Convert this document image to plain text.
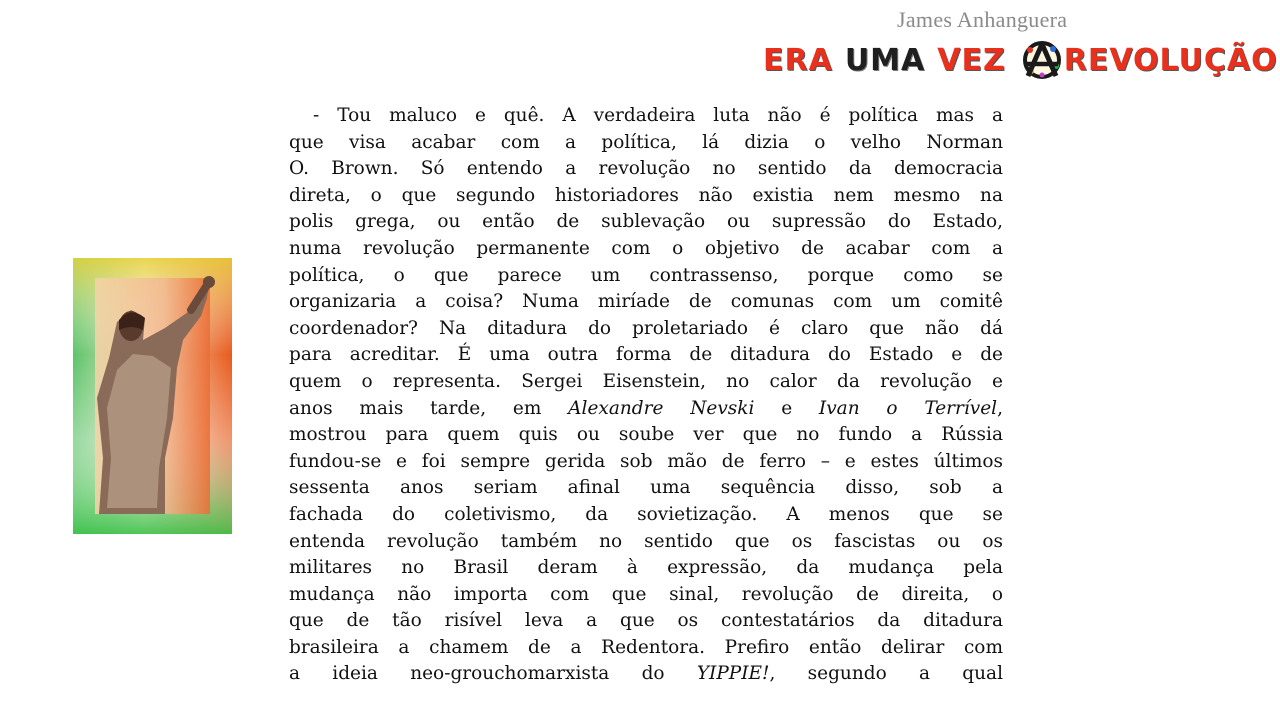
James Anhanguera
ERA UMA VEZ REVOLUÇÃO
- Tou maluco e quê. A verdadeira luta não é política mas a
que visa acabar com a política, lá dizia o velho Norman
O. Brown. Só entendo a revolução no sentido da democracia
direta, o que segundo historiadores não existia nem mesmo na
polis grega, ou então de sublevação ou supressão do Estado,
numa revolução permanente com o objetivo de acabar com a
política, o que parece um contrassenso, porque como se
organizaria a coisa? Numa miríade de comunas com um comitê
coordenador? Na ditadura do proletariado é claro que não dá
para acreditar. É uma outra forma de ditadura do Estado e de
quem o representa. Sergei Eisenstein, no calor da revolução e
anos mais tarde, em Alexandre Nevski e Ivan o Terrível,
mostrou para quem quis ou soube ver que no fundo a Rússia
fundou-se e foi sempre gerida sob mão de ferro – e estes últimos
sessenta anos seriam afinal uma sequência disso, sob a
fachada do coletivismo, da sovietização. A menos que se
entenda revolução também no sentido que os fascistas ou os
militares no Brasil deram à expressão, da mudança pela
mudança não importa com que sinal, revolução de direita, o
que de tão risível leva a que os contestatários da ditadura
brasileira a chamem de a Redentora. Prefiro então delirar com
a ideia neo-grouchomarxista do YIPPIE!, segundo a qual
